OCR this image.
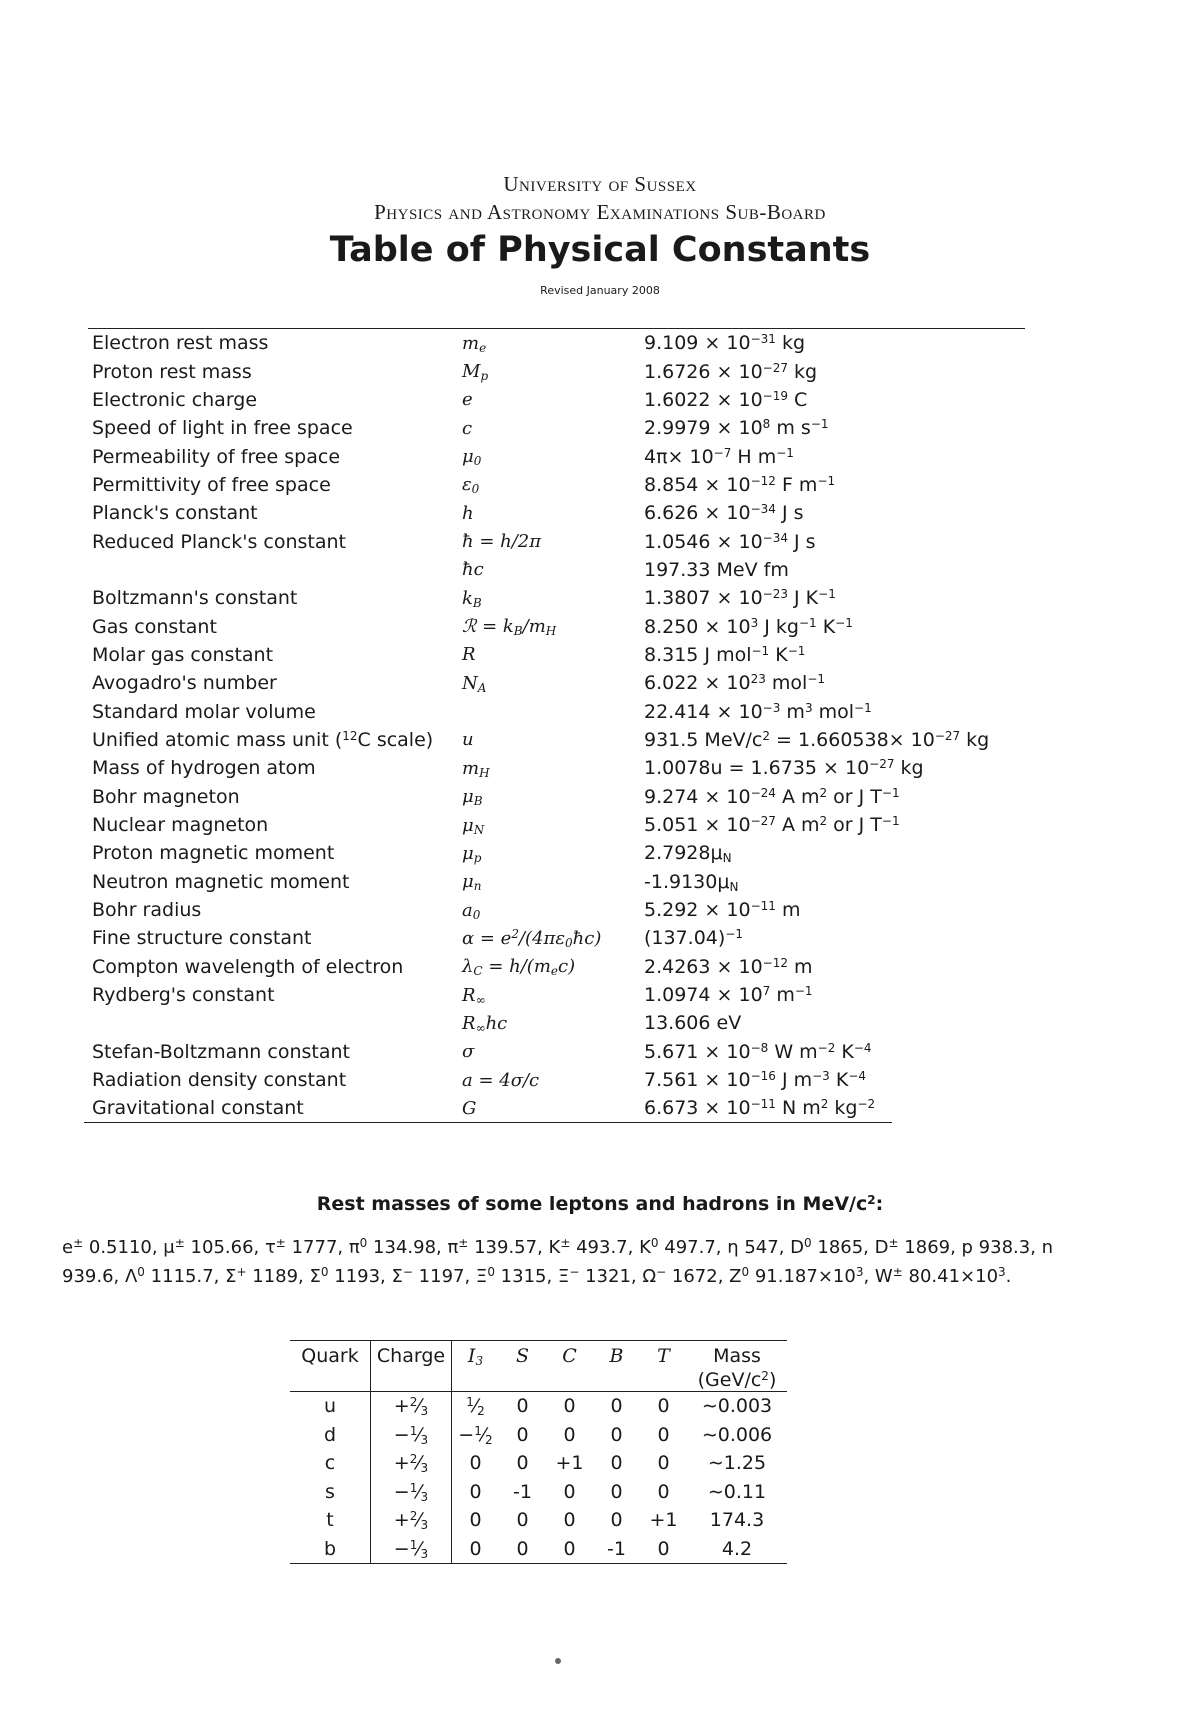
University of Sussex
Physics and Astronomy Examinations Sub-Board
Table of Physical Constants
Revised January 2008
Electron rest mass	$m_e$	$9.109 \times 10^{-31}$ kg
Proton rest mass	$M_p$	$1.6726 \times 10^{-27}$ kg
Electronic charge	e	$1.6022 \times 10^{-19}$ C
Speed of light in free space	c	$2.9979 \times 10^8$ m $s^{-1}$
Permeability of free space	$\mu_0$	$4\pi\times 10^{-7}$ H $m^{-1}$
Permittivity of free space	$\varepsilon_0$	$8.854 \times 10^{-12}$ F $m^{-1}$
Planck's constant	h	$6.626 \times 10^{-34}$ J s
Reduced Planck's constant	ħ = h/2π	$1.0546 \times 10^{-34}$ J s
	ħc	197.33 MeV fm
Boltzmann's constant	$k_B$	$1.3807 \times 10^{-23}$ J $K^{-1}$
Gas constant	ℛ = $k_B/m_H$	$8.250 \times 10^3$ J $kg^{-1}$ $K^{-1}$
Molar gas constant	R	8.315 J mol$^{-1}$ $K^{-1}$
Avogadro's number	$N_A$	$6.022 \times 10^{23}$ mol$^{-1}$
Standard molar volume		$22.414 \times 10^{-3}$ $m^3$ mol$^{-1}$
Unified atomic mass unit ($^{12}$C scale)	u	931.5 MeV/$c^2 = 1.660538\times 10^{-27}$ kg
Mass of hydrogen atom	$m_H$	$1.0078u = 1.6735 \times 10^{-27}$ kg
Bohr magneton	$\mu_B$	$9.274 \times 10^{-24}$ A $m^2$ or J $T^{-1}$
Nuclear magneton	$\mu_N$	$5.051 \times 10^{-27}$ A $m^2$ or J $T^{-1}$
Proton magnetic moment	$\mu_p$	$2.7928\mu_N$
Neutron magnetic moment	$\mu_n$	$-1.9130\mu_N$
Bohr radius	$a_0$	$5.292 \times 10^{-11}$ m
Fine structure constant	$\alpha = e^2/(4\pi\varepsilon_0ħc)$	$(137.04)^{-1}$
Compton wavelength of electron	$\lambda_C = h/(m_ec)$	$2.4263 \times 10^{-12}$ m
Rydberg's constant	$R_\infty$	$1.0974 \times 10^7$ $m^{-1}$
	$R_\infty hc$	13.606 eV
Stefan-Boltzmann constant	σ	$5.671 \times 10^{-8}$ W $m^{-2}$ $K^{-4}$
Radiation density constant	a = 4σ/c	$7.561 \times 10^{-16}$ J $m^{-3}$ $K^{-4}$
Gravitational constant	G	$6.673 \times 10^{-11}$ N $m^2$ $kg^{-2}$
Rest masses of some leptons and hadrons in MeV/$c^2$:
e± 0.5110, μ± 105.66, τ± 1777, $\pi^0$ 134.98, π± 139.57, K± 493.7, $K^0$ 497.7, η 547, $D^0$ 1865, D± 1869, p 938.3, n 939.6, $\Lambda^0$ 1115.7, Σ+ 1189, $\Sigma^0$ 1193, Σ− 1197, $\Xi^0$ 1315, Ξ− 1321, Ω− 1672, $Z^0$ $91.187\times 10^3$, W± $80.41\times 10^3$.
Quark	Charge	$I_3$	S	C	B	T	Mass
$(GeV/c^2)$

u	$+^2⁄_3$	$^1⁄_2$	0	0	0	0	∼0.003
d	$-^1⁄_3$	$-^1⁄_2$	0	0	0	0	∼0.006
c	$+^2⁄_3$	0	0	+1	0	0	∼1.25
s	$-^1⁄_3$	0	-1	0	0	0	∼0.11
t	$+^2⁄_3$	0	0	0	0	+1	174.3
b	$-^1⁄_3$	0	0	0	-1	0	4.2
